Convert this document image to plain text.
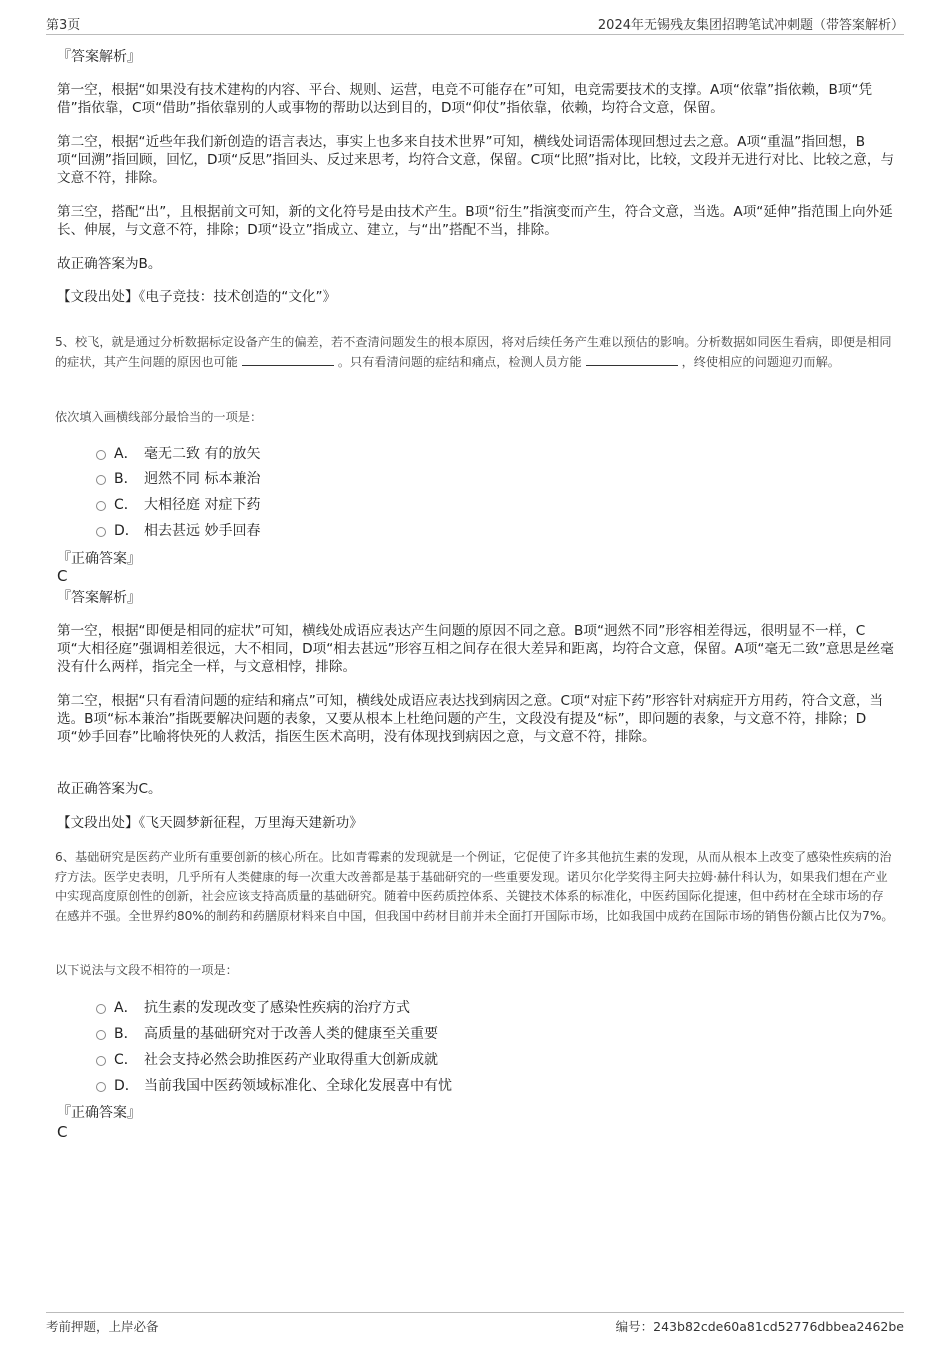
第3页	2024年无锡残友集团招聘笔试冲刺题（带答案解析）
『答案解析』
第一空，根据“如果没有技术建构的内容、平台、规则、运营，电竞不可能存在”可知，电竞需要技术的支撑。A项“依靠”指依赖，B项“凭借”指依靠，C项“借助”指依靠别的人或事物的帮助以达到目的，D项“仰仗”指依靠，依赖，均符合文意，保留。
第二空，根据“近些年我们新创造的语言表达，事实上也多来自技术世界”可知，横线处词语需体现回想过去之意。A项“重温”指回想，B项“回溯”指回顾，回忆，D项“反思”指回头、反过来思考，均符合文意，保留。C项“比照”指对比，比较，文段并无进行对比、比较之意，与文意不符，排除。
第三空，搭配“出”，且根据前文可知，新的文化符号是由技术产生。B项“衍生”指演变而产生，符合文意，当选。A项“延伸”指范围上向外延长、伸展，与文意不符，排除；D项“设立”指成立、建立，与“出”搭配不当，排除。
故正确答案为B。
【文段出处】《电子竞技：技术创造的“文化”》
5、校飞，就是通过分析数据标定设备产生的偏差，若不查清问题发生的根本原因，将对后续任务产生难以预估的影响。分析数据如同医生看病，即便是相同的症状，其产生问题的原因也可能	。只有看清问题的症结和痛点，检测人员方能	，终使相应的问题迎刃而解。
依次填入画横线部分最恰当的一项是：
A． 毫无二致 有的放矢
B． 迥然不同 标本兼治
C． 大相径庭 对症下药
D． 相去甚远 妙手回春
『正确答案』
C
『答案解析』
第一空，根据“即便是相同的症状”可知，横线处成语应表达产生问题的原因不同之意。B项“迥然不同”形容相差得远，很明显不一样，C项“大相径庭”强调相差很远，大不相同，D项“相去甚远”形容互相之间存在很大差异和距离，均符合文意，保留。A项“毫无二致”意思是丝毫没有什么两样，指完全一样，与文意相悖，排除。
第二空，根据“只有看清问题的症结和痛点”可知，横线处成语应表达找到病因之意。C项“对症下药”形容针对病症开方用药，符合文意，当选。B项“标本兼治”指既要解决问题的表象，又要从根本上杜绝问题的产生，文段没有提及“标”，即问题的表象，与文意不符，排除；D项“妙手回春”比喻将快死的人救活，指医生医术高明，没有体现找到病因之意，与文意不符，排除。
故正确答案为C。
【文段出处】《飞天圆梦新征程，万里海天建新功》
6、基础研究是医药产业所有重要创新的核心所在。比如青霉素的发现就是一个例证，它促使了许多其他抗生素的发现，从而从根本上改变了感染性疾病的治疗方法。医学史表明，几乎所有人类健康的每一次重大改善都是基于基础研究的一些重要发现。诺贝尔化学奖得主阿夫拉姆·赫什科认为，如果我们想在产业中实现高度原创性的创新，社会应该支持高质量的基础研究。随着中医药质控体系、关键技术体系的标准化，中医药国际化提速，但中药材在全球市场的存在感并不强。全世界约80%的制药和药膳原材料来自中国，但我国中药材目前并未全面打开国际市场，比如我国中成药在国际市场的销售份额占比仅为7%。
以下说法与文段不相符的一项是：
A． 抗生素的发现改变了感染性疾病的治疗方式
B． 高质量的基础研究对于改善人类的健康至关重要
C． 社会支持必然会助推医药产业取得重大创新成就
D． 当前我国中医药领域标准化、全球化发展喜中有忧
『正确答案』
C
考前押题，上岸必备	编号：243b82cde60a81cd52776dbbea2462be
